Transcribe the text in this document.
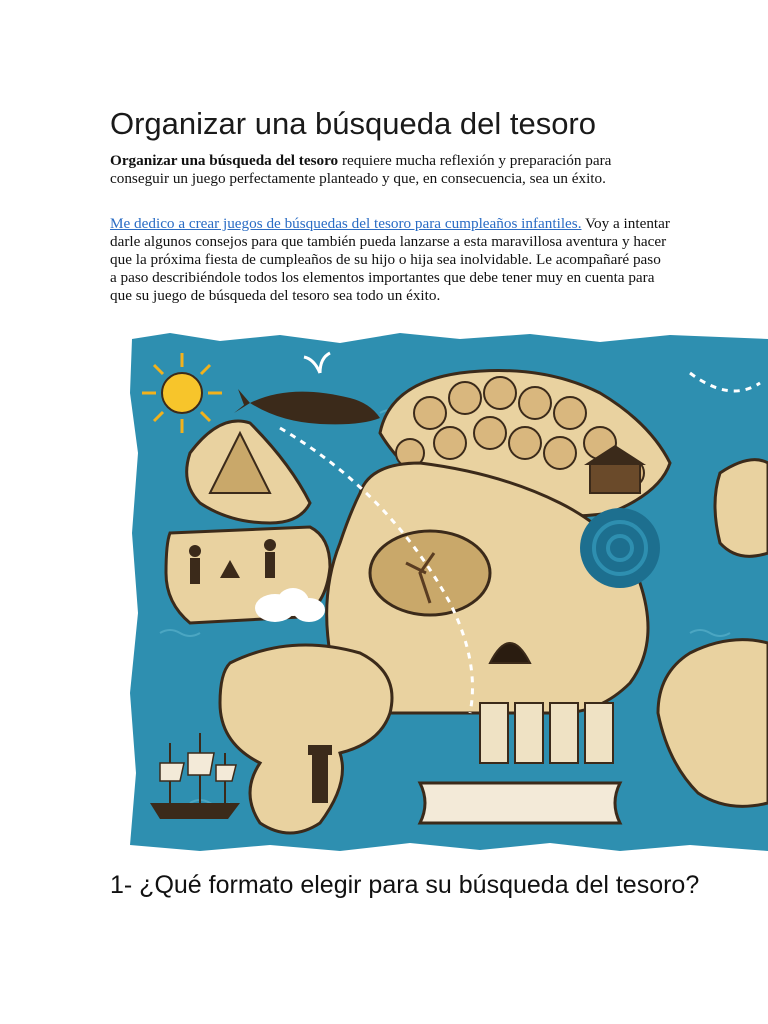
Organizar una búsqueda del tesoro

Organizar una búsqueda del tesoro requiere mucha reflexión y preparación para conseguir un juego perfectamente planteado y que, en consecuencia, sea un éxito.

Me dedico a crear juegos de búsquedas del tesoro para cumpleaños infantiles. Voy a intentar darle algunos consejos para que también pueda lanzarse a esta maravillosa aventura y hacer que la próxima fiesta de cumpleaños de su hijo o hija sea inolvidable. Le acompañaré paso a paso describiéndole todos los elementos importantes que debe tener muy en cuenta para que su juego de búsqueda del tesoro sea todo un éxito.

1- ¿Qué formato elegir para su búsqueda del tesoro?
